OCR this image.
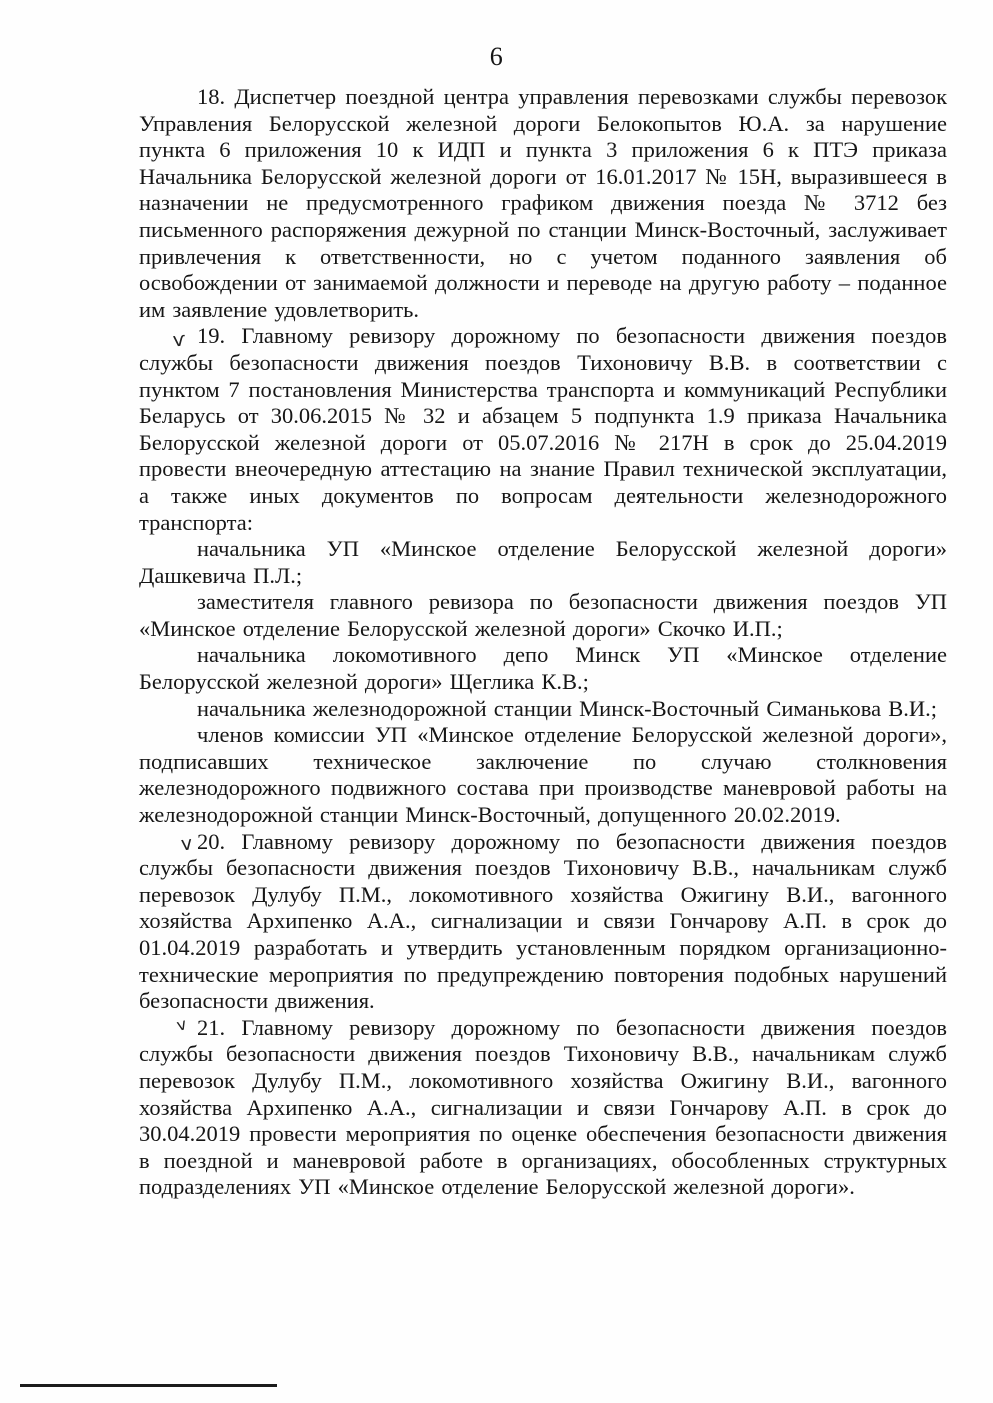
6

18. Диспетчер поездной центра управления перевозками службы перевозок Управления Белорусской железной дороги Белокопытов Ю.А. за нарушение пункта 6 приложения 10 к ИДП и пункта 3 приложения 6 к ПТЭ приказа Начальника Белорусской железной дороги от 16.01.2017 № 15Н, выразившееся в назначении не предусмотренного графиком движения поезда № 3712 без письменного распоряжения дежурной по станции Минск-Восточный, заслуживает привлечения к ответственности, но с учетом поданного заявления об освобождении от занимаемой должности и переводе на другую работу – поданное им заявление удовлетворить.

ѵ 19. Главному ревизору дорожному по безопасности движения поездов службы безопасности движения поездов Тихоновичу В.В. в соответствии с пунктом 7 постановления Министерства транспорта и коммуникаций Республики Беларусь от 30.06.2015 № 32 и абзацем 5 подпункта 1.9 приказа Начальника Белорусской железной дороги от 05.07.2016 № 217Н в срок до 25.04.2019 провести внеочередную аттестацию на знание Правил технической эксплуатации, а также иных документов по вопросам деятельности железнодорожного транспорта:

начальника УП «Минское отделение Белорусской железной дороги» Дашкевича П.Л.;

заместителя главного ревизора по безопасности движения поездов УП «Минское отделение Белорусской железной дороги» Скочко И.П.;

начальника локомотивного депо Минск УП «Минское отделение Белорусской железной дороги» Щеглика К.В.;

начальника железнодорожной станции Минск-Восточный Симанькова В.И.;

членов комиссии УП «Минское отделение Белорусской железной дороги», подписавших техническое заключение по случаю столкновения железнодорожного подвижного состава при производстве маневровой работы на железнодорожной станции Минск-Восточный, допущенного 20.02.2019.

v 20. Главному ревизору дорожному по безопасности движения поездов службы безопасности движения поездов Тихоновичу В.В., начальникам служб перевозок Дулубу П.М., локомотивного хозяйства Ожигину В.И., вагонного хозяйства Архипенко А.А., сигнализации и связи Гончарову А.П. в срок до 01.04.2019 разработать и утвердить установленным порядком организационно-технические мероприятия по предупреждению повторения подобных нарушений безопасности движения.

v 21. Главному ревизору дорожному по безопасности движения поездов службы безопасности движения поездов Тихоновичу В.В., начальникам служб перевозок Дулубу П.М., локомотивного хозяйства Ожигину В.И., вагонного хозяйства Архипенко А.А., сигнализации и связи Гончарову А.П. в срок до 30.04.2019 провести мероприятия по оценке обеспечения безопасности движения в поездной и маневровой работе в организациях, обособленных структурных подразделениях УП «Минское отделение Белорусской железной дороги».
